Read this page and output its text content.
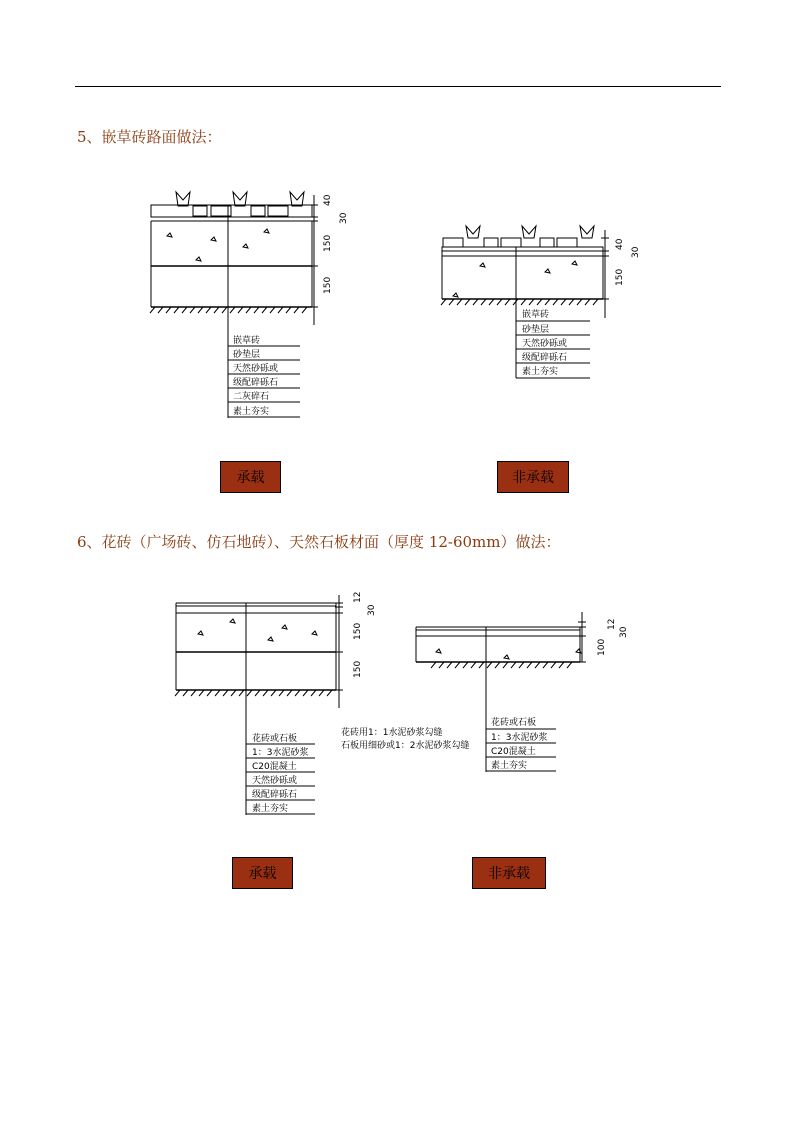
5、嵌草砖路面做法：
嵌草砖
砂垫层
天然砂砾或
级配碎砾石
二灰碎石
素土夯实
40
30
150
150
嵌草砖
砂垫层
天然砂砾或
级配碎砾石
素土夯实
40
30
150
花砖或石板
1：3水泥砂浆
C20混凝土
天然砂砾或
级配碎砾石
素土夯实
12
30
150
150
花砖用1：1水泥砂浆勾缝
石板用细砂或1：2水泥砂浆勾缝
花砖或石板
1：3水泥砂浆
C20混凝土
素土夯实
12
30
100
承载	非承载
6、花砖（广场砖、仿石地砖）、天然石板材面（厚度 12-60mm）做法：
承载	非承载
